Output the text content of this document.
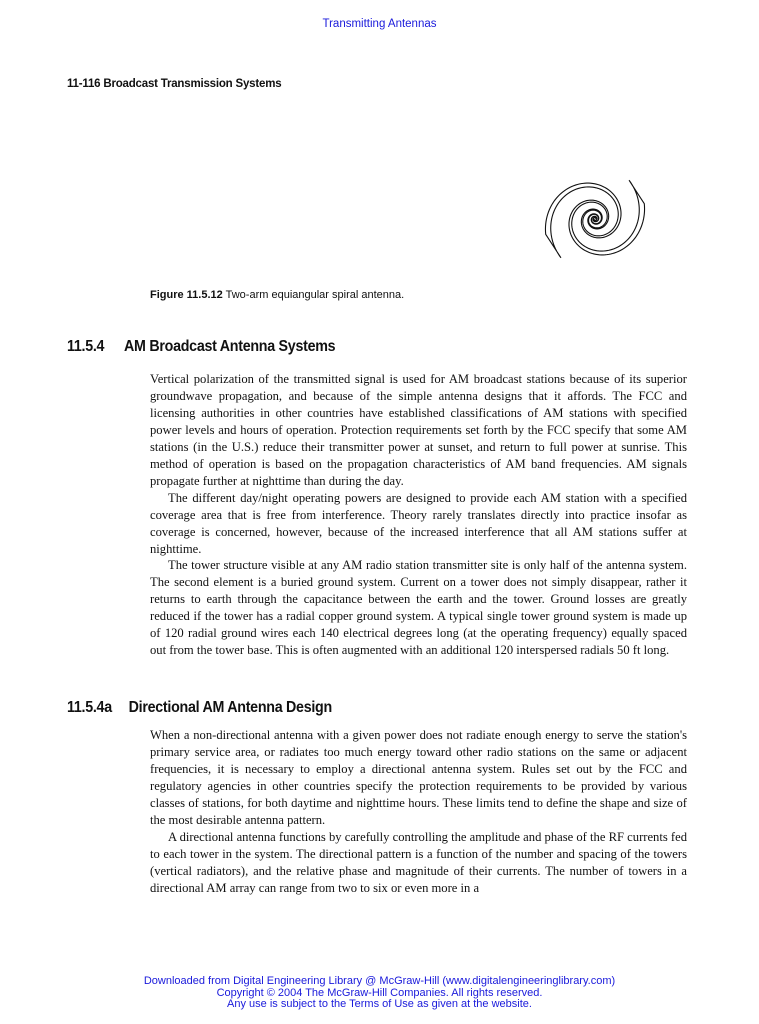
Transmitting Antennas
11-116 Broadcast Transmission Systems
Figure 11.5.12 Two-arm equiangular spiral antenna.
11.5.4 AM Broadcast Antenna Systems

Vertical polarization of the transmitted signal is used for AM broadcast stations because of its superior groundwave propagation, and because of the simple antenna designs that it affords. The FCC and licensing authorities in other countries have established classifications of AM stations with specified power levels and hours of operation. Protection requirements set forth by the FCC specify that some AM stations (in the U.S.) reduce their transmitter power at sunset, and return to full power at sunrise. This method of operation is based on the propagation characteristics of AM band frequencies. AM signals propagate further at nighttime than during the day.

The different day/night operating powers are designed to provide each AM station with a specified coverage area that is free from interference. Theory rarely translates directly into practice insofar as coverage is concerned, however, because of the increased interference that all AM stations suffer at nighttime.

The tower structure visible at any AM radio station transmitter site is only half of the antenna system. The second element is a buried ground system. Current on a tower does not simply disappear, rather it returns to earth through the capacitance between the earth and the tower. Ground losses are greatly reduced if the tower has a radial copper ground system. A typical single tower ground system is made up of 120 radial ground wires each 140 electrical degrees long (at the operating frequency) equally spaced out from the tower base. This is often augmented with an additional 120 interspersed radials 50 ft long.

11.5.4a Directional AM Antenna Design

When a non-directional antenna with a given power does not radiate enough energy to serve the station's primary service area, or radiates too much energy toward other radio stations on the same or adjacent frequencies, it is necessary to employ a directional antenna system. Rules set out by the FCC and regulatory agencies in other countries specify the protection requirements to be provided by various classes of stations, for both daytime and nighttime hours. These limits tend to define the shape and size of the most desirable antenna pattern.

A directional antenna functions by carefully controlling the amplitude and phase of the RF currents fed to each tower in the system. The directional pattern is a function of the number and spacing of the towers (vertical radiators), and the relative phase and magnitude of their currents. The number of towers in a directional AM array can range from two to six or even more in a

Downloaded from Digital Engineering Library @ McGraw-Hill (www.digitalengineeringlibrary.com)
Copyright © 2004 The McGraw-Hill Companies. All rights reserved.
Any use is subject to the Terms of Use as given at the website.
